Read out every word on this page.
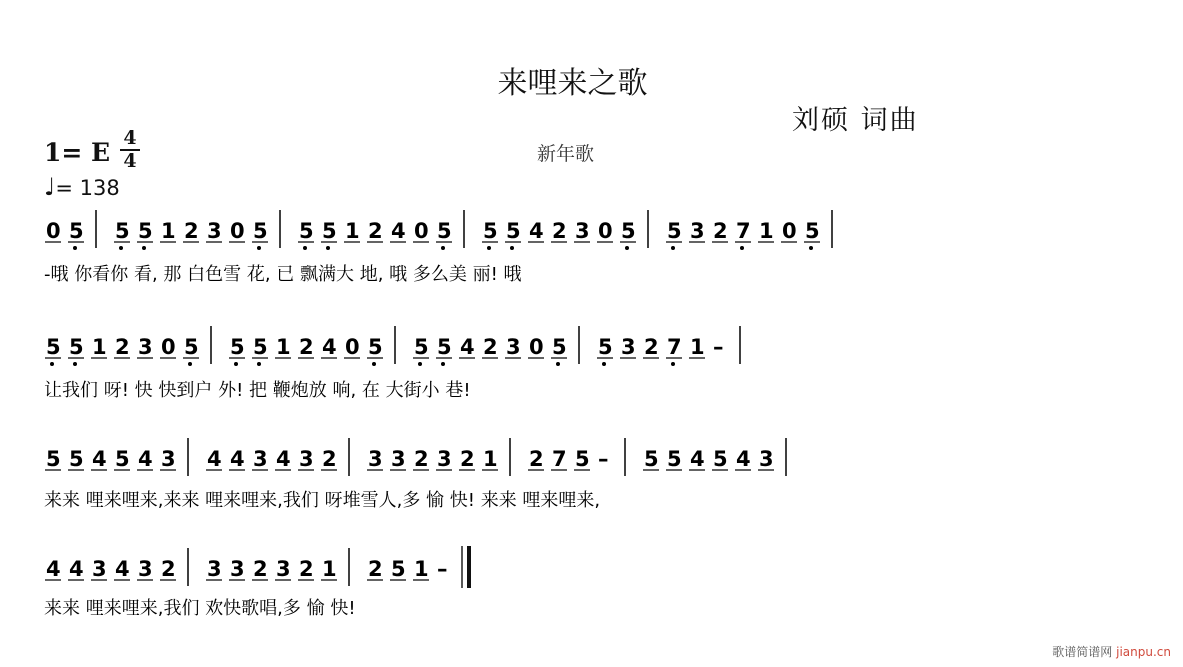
来哩来之歌
刘硕 词曲
新年歌
1= E 4
4
♩= 138
0 5 5 5 1 2 3 0 5 5 5 1 2 4 0 5 5 5 4 2 3 0 5 5 3 2 7 1 0 5
-哦 你看你 看, 那 白色雪 花, 已 飘满大 地, 哦 多么美 丽! 哦
5 5 1 2 3 0 5 5 5 1 2 4 0 5 5 5 4 2 3 0 5 5 3 2 7 1 –
让我们 呀! 快 快到户 外! 把 鞭炮放 响, 在 大街小 巷!
5 5 4 5 4 3 4 4 3 4 3 2 3 3 2 3 2 1 2 7 5 – 5 5 4 5 4 3
来来 哩来哩来,来来 哩来哩来,我们 呀堆雪人,多 愉 快! 来来 哩来哩来,
4 4 3 4 3 2 3 3 2 3 2 1 2 5 1 –
来来 哩来哩来,我们 欢快歌唱,多 愉 快!
歌谱简谱网 jianpu.cn
